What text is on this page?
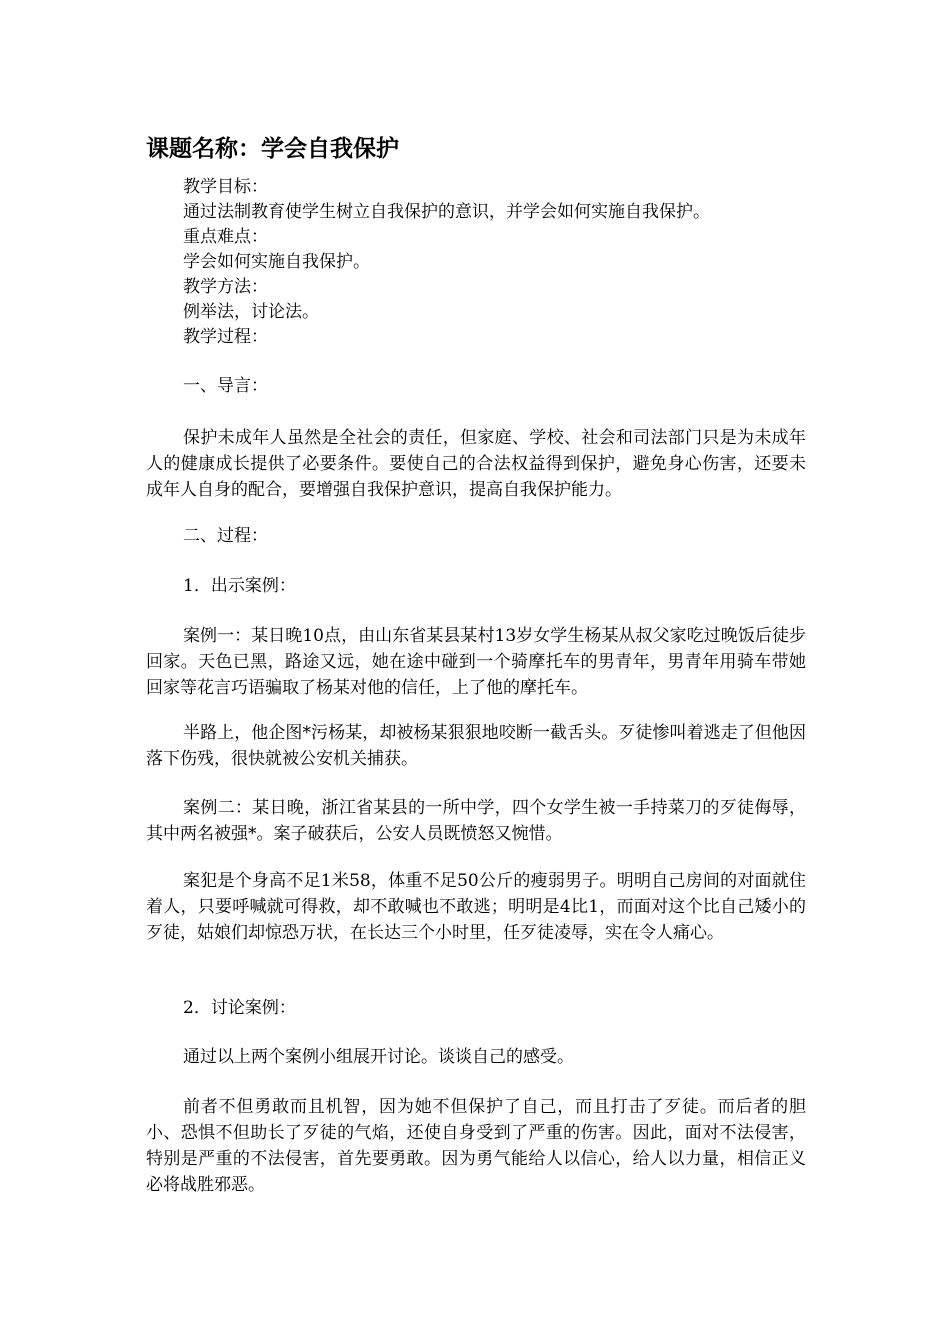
课题名称：学会自我保护
教学目标：
通过法制教育使学生树立自我保护的意识，并学会如何实施自我保护。
重点难点：
学会如何实施自我保护。
教学方法：
例举法，讨论法。
教学过程：
一、导言：
保护未成年人虽然是全社会的责任，但家庭、学校、社会和司法部门只是为未成年人的健康成长提供了必要条件。要使自己的合法权益得到保护，避免身心伤害，还要未成年人自身的配合，要增强自我保护意识，提高自我保护能力。
二、过程：
1．出示案例：
案例一：某日晚10点，由山东省某县某村13岁女学生杨某从叔父家吃过晚饭后徒步回家。天色已黑，路途又远，她在途中碰到一个骑摩托车的男青年，男青年用骑车带她回家等花言巧语骗取了杨某对他的信任，上了他的摩托车。
半路上，他企图*污杨某，却被杨某狠狠地咬断一截舌头。歹徒惨叫着逃走了但他因落下伤残，很快就被公安机关捕获。
案例二：某日晚，浙江省某县的一所中学，四个女学生被一手持菜刀的歹徒侮辱，其中两名被强*。案子破获后，公安人员既愤怒又惋惜。
案犯是个身高不足1米58，体重不足50公斤的瘦弱男子。明明自己房间的对面就住着人，只要呼喊就可得救，却不敢喊也不敢逃；明明是4比1，而面对这个比自己矮小的歹徒，姑娘们却惊恐万状，在长达三个小时里，任歹徒凌辱，实在令人痛心。
2．讨论案例：
通过以上两个案例小组展开讨论。谈谈自己的感受。
前者不但勇敢而且机智，因为她不但保护了自己，而且打击了歹徒。而后者的胆小、恐惧不但助长了歹徒的气焰，还使自身受到了严重的伤害。因此，面对不法侵害，特别是严重的不法侵害，首先要勇敢。因为勇气能给人以信心，给人以力量，相信正义必将战胜邪恶。
